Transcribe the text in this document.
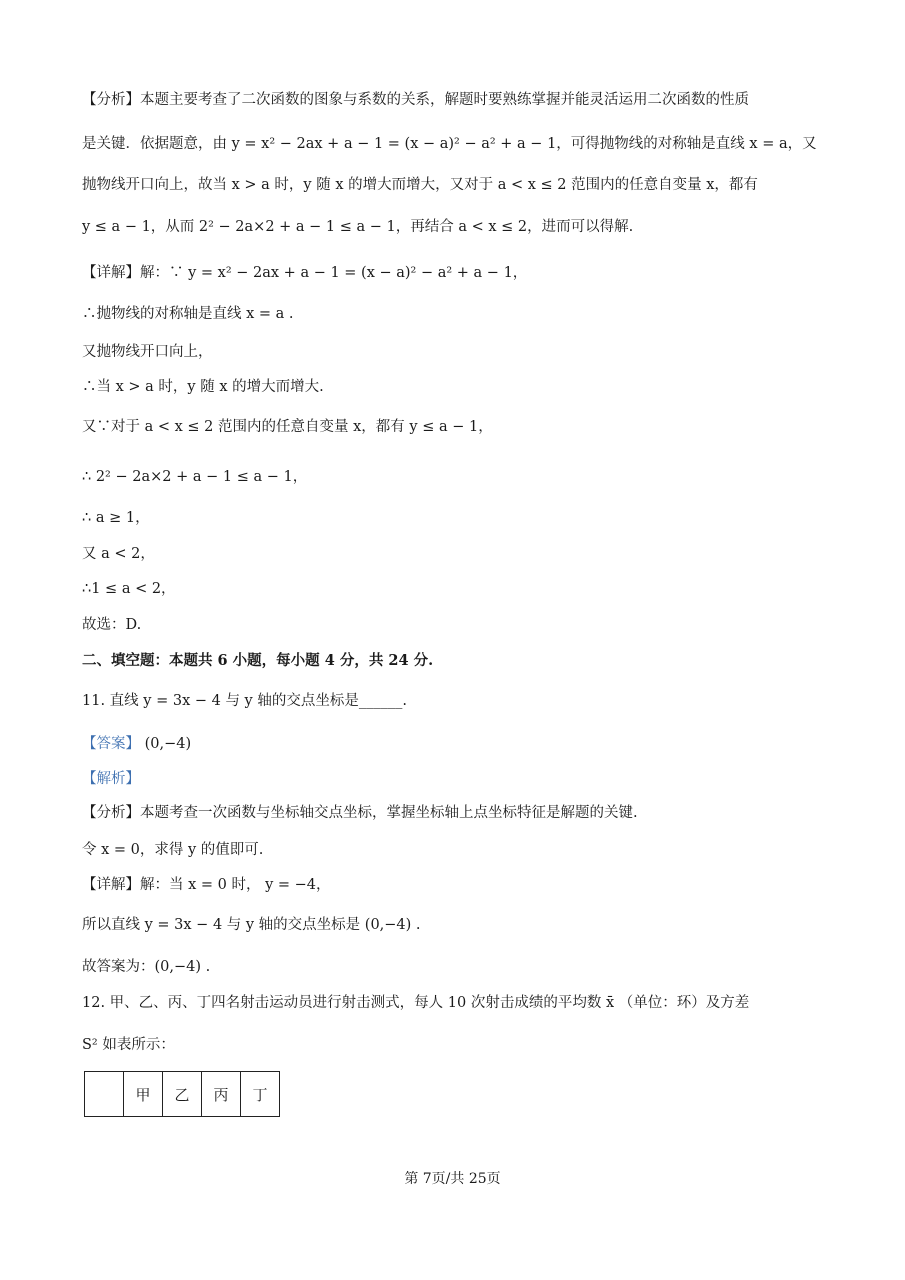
【分析】本题主要考查了二次函数的图象与系数的关系，解题时要熟练掌握并能灵活运用二次函数的性质
是关键．依据题意，由 y = x² − 2ax + a − 1 = (x − a)² − a² + a − 1，可得抛物线的对称轴是直线 x = a，又
抛物线开口向上，故当 x > a 时，y 随 x 的增大而增大，又对于 a < x ≤ 2 范围内的任意自变量 x，都有
y ≤ a − 1，从而 2² − 2a×2 + a − 1 ≤ a − 1，再结合 a < x ≤ 2，进而可以得解.
【详解】解：∵ y = x² − 2ax + a − 1 = (x − a)² − a² + a − 1，
∴抛物线的对称轴是直线 x = a .
又抛物线开口向上，
∴当 x > a 时，y 随 x 的增大而增大.
又∵对于 a < x ≤ 2 范围内的任意自变量 x，都有 y ≤ a − 1，
∴ 2² − 2a×2 + a − 1 ≤ a − 1，
∴ a ≥ 1，
又 a < 2，
∴1 ≤ a < 2，
故选：D.
二、填空题：本题共 6 小题，每小题 4 分，共 24 分.
11. 直线 y = 3x − 4 与 y 轴的交点坐标是______.
【答案】 (0,−4)
【解析】
【分析】本题考查一次函数与坐标轴交点坐标，掌握坐标轴上点坐标特征是解题的关键.
令 x = 0，求得 y 的值即可.
【详解】解：当 x = 0 时， y = −4，
所以直线 y = 3x − 4 与 y 轴的交点坐标是 (0,−4) .
故答案为：(0,−4) .
12. 甲、乙、丙、丁四名射击运动员进行射击测式，每人 10 次射击成绩的平均数 x̄ （单位：环）及方差
S² 如表所示：
	甲	乙	丙	丁
第 7页/共 25页
